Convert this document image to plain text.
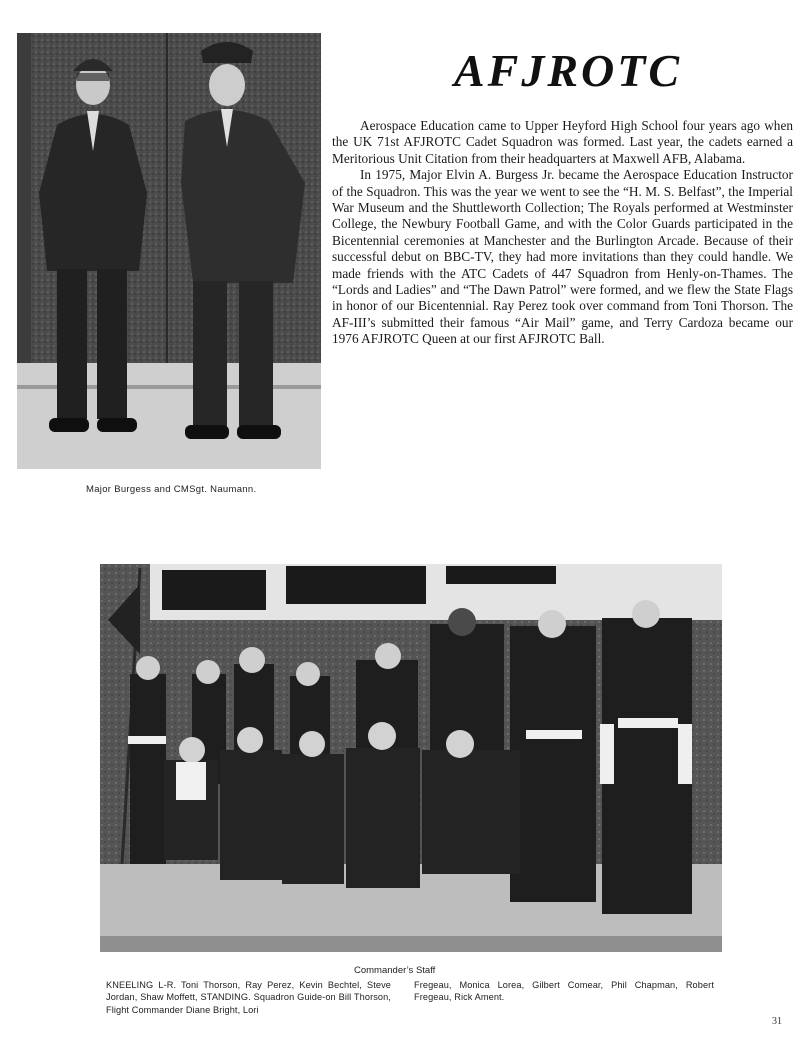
AFJROTC

Aerospace Education came to Upper Heyford High School four years ago when the UK 71st AFJROTC Cadet Squadron was formed. Last year, the cadets earned a Meritorious Unit Citation from their headquarters at Maxwell AFB, Alabama.

In 1975, Major Elvin A. Burgess Jr. became the Aerospace Education Instructor of the Squadron. This was the year we went to see the “H. M. S. Belfast”, the Imperial War Museum and the Shuttleworth Collection; The Royals performed at Westminster College, the Newbury Football Game, and with the Color Guards participated in the Bicentennial ceremonies at Manchester and the Burlington Arcade. Because of their successful debut on BBC-TV, they had more invitations than they could handle. We made friends with the ATC Cadets of 447 Squadron from Henly-on-Thames. The “Lords and Ladies” and “The Dawn Patrol” were formed, and we flew the State Flags in honor of our Bicentennial. Ray Perez took over command from Toni Thorson. The AF-III’s submitted their famous “Air Mail” game, and Terry Cardoza became our 1976 AFJROTC Queen at our first AFJROTC Ball.

Major Burgess and CMSgt. Naumann.
Commander’s Staff
KNEELING L-R. Toni Thorson, Ray Perez, Kevin Bechtel, Steve Jordan, Shaw Moffett, STANDING. Squadron Guide-on Bill Thorson, Flight Commander Diane Bright, Lori
Fregeau, Monica Lorea, Gilbert Comear, Phil Chapman, Robert Fregeau, Rick Ament.
31
